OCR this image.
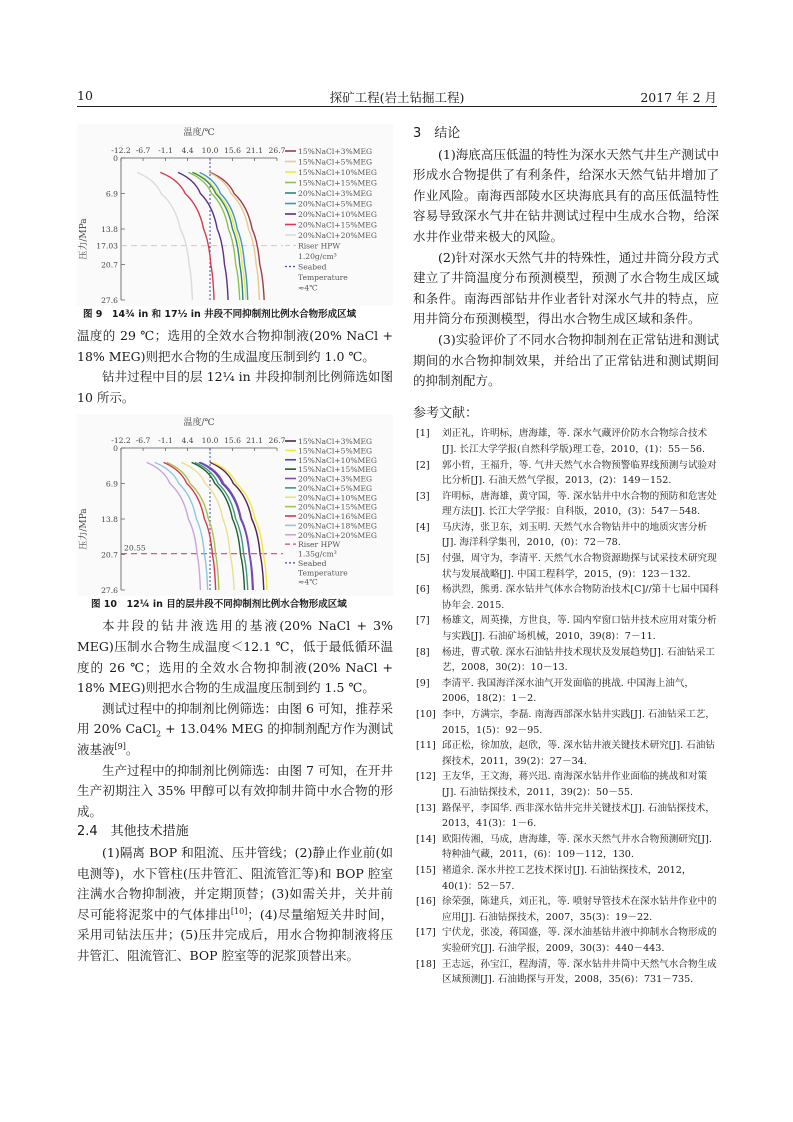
10	探矿工程(岩土钻掘工程)	2017 年 2 月
温度/℃
压力/MPa
-12.2 -6.7 -1.1 4.4 10.0 15.6 21.1 26.7
0
6.9
13.8
17.03
20.7
27.6
15%NaCl+3%MEG
15%NaCl+5%MEG
15%NaCl+10%MEG
15%NaCl+15%MEG
20%NaCl+3%MEG
20%NaCl+5%MEG
20%NaCl+10%MEG
20%NaCl+15%MEG
20%NaCl+20%MEG
Riser HPW
1.20g/cm³
Seabed
Temperature
≈4℃
图 9　14¾ in 和 17½ in 井段不同抑制剂比例水合物形成区域

温度的 29 ℃；选用的全效水合物抑制液(20% NaCl + 18% MEG)则把水合物的生成温度压制到约 1.0 ℃。

钻井过程中目的层 12¼ in 井段抑制剂比例筛选如图 10 所示。

温度/℃
压力/MPa
-12.2 -6.7 -1.1 4.4 10.0 15.6 21.1 26.7
0
6.9
13.8
20.7
27.6
20.55
15%NaCl+3%MEG
15%NaCl+5%MEG
15%NaCl+10%MEG
15%NaCl+15%MEG
20%NaCl+3%MEG
20%NaCl+5%MEG
20%NaCl+10%MEG
20%NaCl+15%MEG
20%NaCl+16%MEG
20%NaCl+18%MEG
20%NaCl+20%MEG
Riser HPW
1.35g/cm³
Seabed
Temperature
≈4℃
图 10　12¼ in 目的层井段不同抑制剂比例水合物形成区域

本井段的钻井液选用的基液(20% NaCl + 3% MEG)压制水合物生成温度＜12.1 ℃，低于最低循环温度的 26 ℃；选用的全效水合物抑制液(20% NaCl + 18% MEG)则把水合物的生成温度压制到约 1.5 ℃。

测试过程中的抑制剂比例筛选：由图 6 可知，推荐采用 20% CaCl$_2$ + 13.04% MEG 的抑制剂配方作为测试液基液[9]。

生产过程中的抑制剂比例筛选：由图 7 可知，在开井生产初期注入 35% 甲醇可以有效抑制井筒中水合物的形成。

2.4　其他技术措施

(1)隔离 BOP 和阻流、压井管线；(2)静止作业前(如电测等)，水下管柱(压井管汇、阻流管汇等)和 BOP 腔室注满水合物抑制液，并定期顶替；(3)如需关井，关井前尽可能将泥浆中的气体排出[10]；(4)尽量缩短关井时间，采用司钻法压井；(5)压井完成后，用水合物抑制液将压井管汇、阻流管汇、BOP 腔室等的泥浆顶替出来。

3　结论

(1)海底高压低温的特性为深水天然气井生产测试中形成水合物提供了有利条件，给深水天然气钻井增加了作业风险。南海西部陵水区块海底具有的高压低温特性容易导致深水气井在钻井测试过程中生成水合物，给深水井作业带来极大的风险。

(2)针对深水天然气井的特殊性，通过井筒分段方式建立了井筒温度分布预测模型，预测了水合物生成区域和条件。南海西部钻井作业者针对深水气井的特点，应用井筒分布预测模型，得出水合物生成区域和条件。

(3)实验评价了不同水合物抑制剂在正常钻进和测试期间的水合物抑制效果，并给出了正常钻进和测试期间的抑制剂配方。

参考文献：

[1] 刘正礼，许明标，唐海雄，等. 深水气藏评价防水合物综合技术[J]. 长江大学学报(自然科学版)理工卷，2010，(1)：55－56.
[2] 郭小哲，王福升，等. 气井天然气水合物预警临界线预测与试验对比分析[J]. 石油天然气学报，2013，(2)：149－152.
[3] 许明标，唐海雄，黄守国，等. 深水钻井中水合物的预防和危害处理方法[J]. 长江大学学报：自科版，2010，(3)：547－548.
[4] 马庆涛，张卫东，刘玉明. 天然气水合物钻井中的地质灾害分析[J]. 海洋科学集刊，2010，(0)：72－78.
[5] 付强，周守为，李清平. 天然气水合物资源勘探与试采技术研究现状与发展战略[J]. 中国工程科学，2015，(9)：123－132.
[6] 杨洪烈，熊勇. 深水钻井气体水合物防治技术[C]//第十七届中国科协年会. 2015.
[7] 杨雄文，周英操，方世良，等. 国内窄窗口钻井技术应用对策分析与实践[J]. 石油矿场机械，2010，39(8)：7－11.
[8] 杨进，曹式敬. 深水石油钻井技术现状及发展趋势[J]. 石油钻采工艺，2008，30(2)：10－13.
[9] 李清平. 我国海洋深水油气开发面临的挑战. 中国海上油气，2006，18(2)：1－2.
[10] 李中，方满宗，李磊. 南海西部深水钻井实践[J]. 石油钻采工艺，2015，1(5)：92－95.
[11] 邱正松，徐加放，赵欣，等. 深水钻井液关键技术研究[J]. 石油钻探技术，2011，39(2)：27－34.
[12] 王友华，王文海，蒋兴迅. 南海深水钻井作业面临的挑战和对策[J]. 石油钻探技术，2011，39(2)：50－55.
[13] 路保平，李国华. 西非深水钻井完井关键技术[J]. 石油钻探技术，2013，41(3)：1－6.
[14] 欧阳传湘，马成，唐海雄，等. 深水天然气井水合物预测研究[J]. 特种油气藏，2011，(6)：109－112，130.
[15] 褚道余. 深水井控工艺技术探讨[J]. 石油钻探技术，2012，40(1)：52－57.
[16] 徐荣强，陈建兵，刘正礼，等. 喷射导管技术在深水钻井作业中的应用[J]. 石油钻探技术，2007，35(3)：19－22.
[17] 宁伏龙，张凌，蒋国盛，等. 深水油基钻井液中抑制水合物形成的实验研究[J]. 石油学报，2009，30(3)：440－443.
[18] 王志远，孙宝江，程海清，等. 深水钻井井筒中天然气水合物生成区域预测[J]. 石油勘探与开发，2008，35(6)：731－735.
